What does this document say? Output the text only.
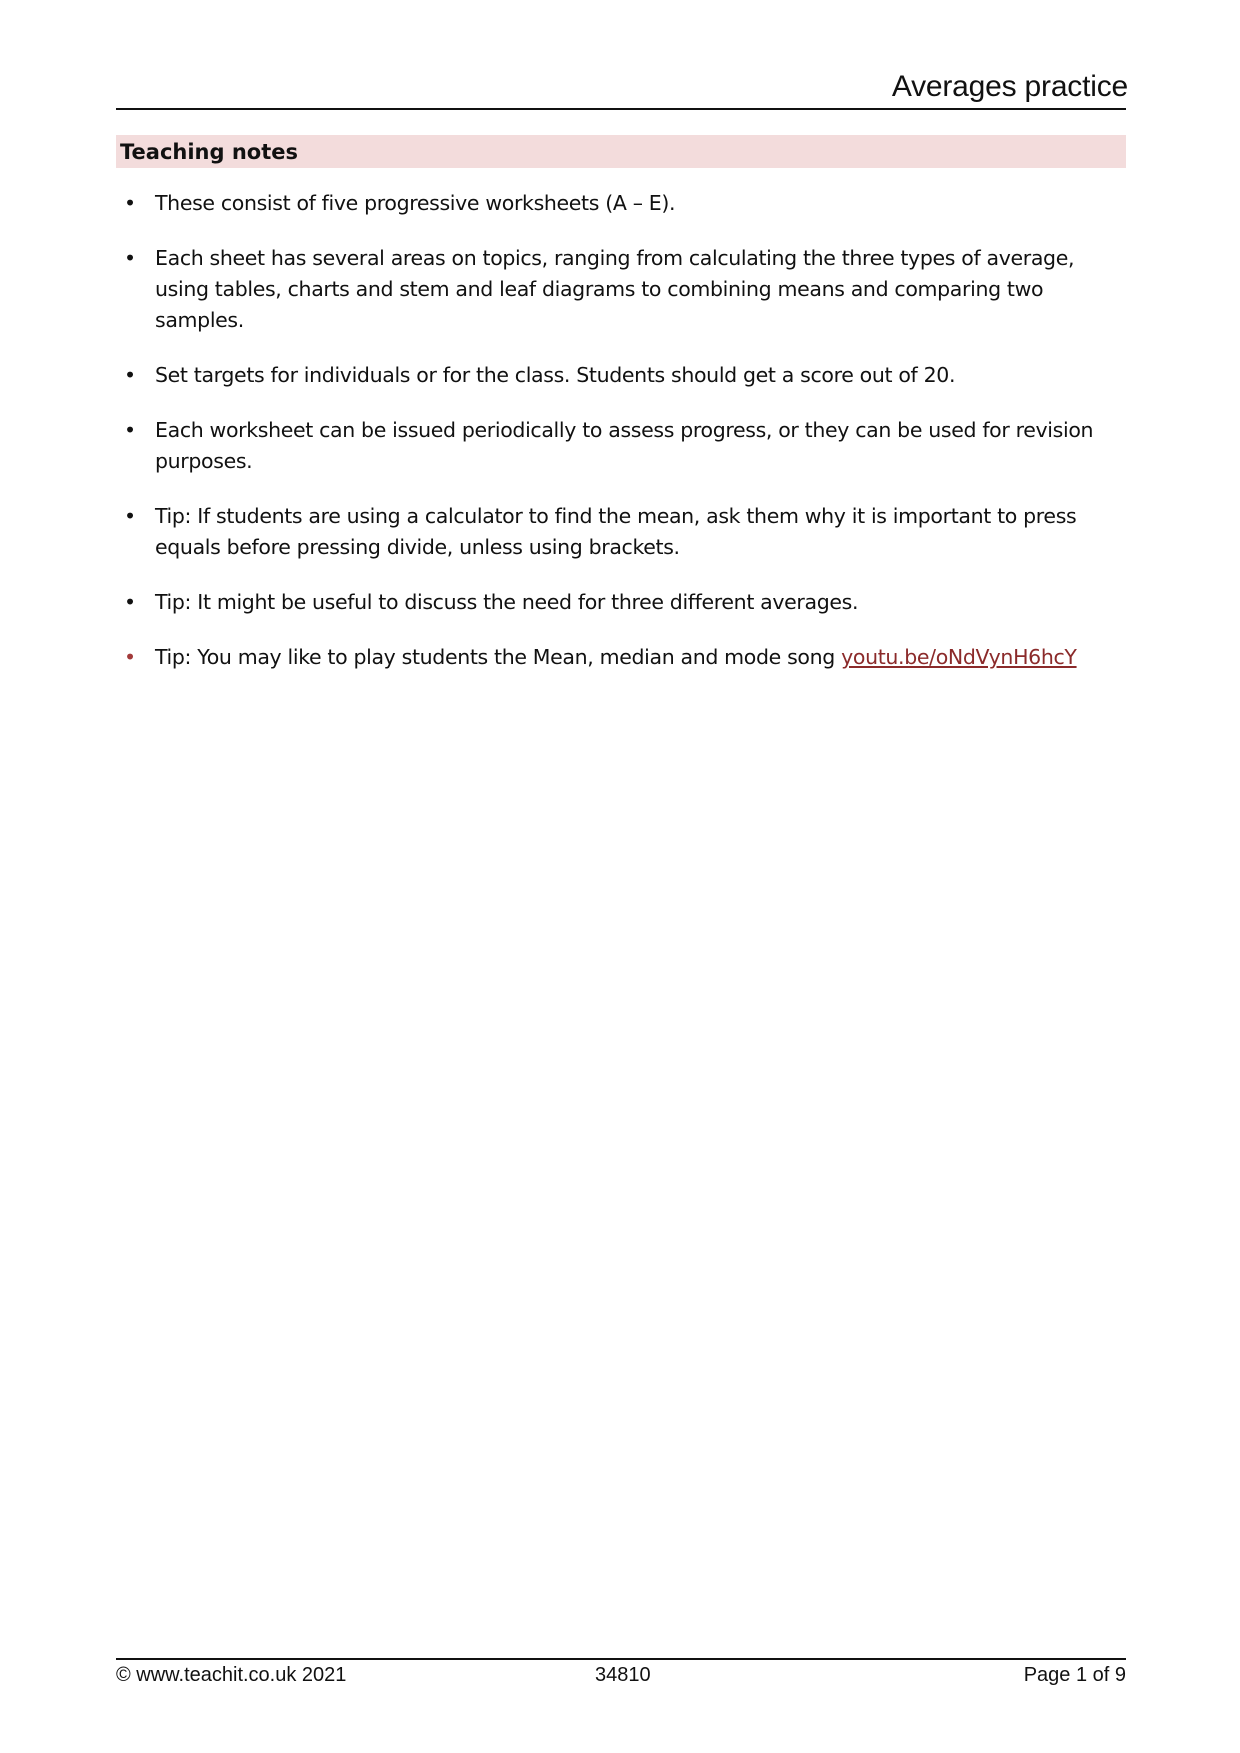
Averages practice
Teaching notes
• These consist of five progressive worksheets (A – E).
• Each sheet has several areas on topics, ranging from calculating the three types of average, using tables, charts and stem and leaf diagrams to combining means and comparing two samples.
• Set targets for individuals or for the class. Students should get a score out of 20.
• Each worksheet can be issued periodically to assess progress, or they can be used for revision purposes.
• Tip: If students are using a calculator to find the mean, ask them why it is important to press equals before pressing divide, unless using brackets.
• Tip: It might be useful to discuss the need for three different averages.
• Tip: You may like to play students the Mean, median and mode song youtu.be/oNdVynH6hcY
© www.teachit.co.uk 2021	34810	Page 1 of 9
